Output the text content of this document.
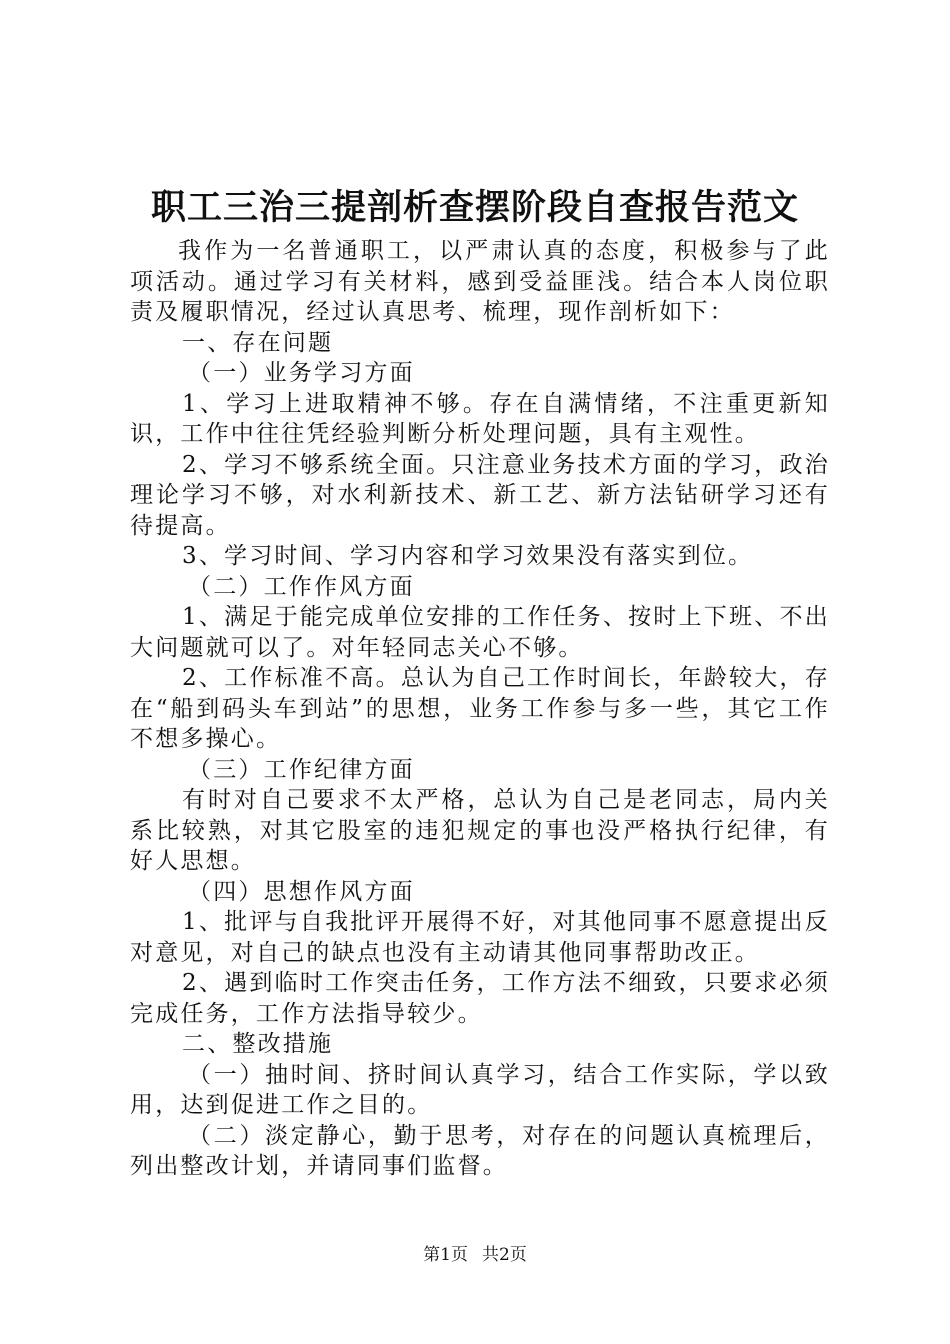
职工三治三提剖析查摆阶段自查报告范文

我作为一名普通职工，以严肃认真的态度，积极参与了此项活动。通过学习有关材料，感到受益匪浅。结合本人岗位职责及履职情况，经过认真思考、梳理，现作剖析如下：

一、存在问题

（一）业务学习方面

1、学习上进取精神不够。存在自满情绪，不注重更新知识，工作中往往凭经验判断分析处理问题，具有主观性。

2、学习不够系统全面。只注意业务技术方面的学习，政治理论学习不够，对水利新技术、新工艺、新方法钻研学习还有待提高。

3、学习时间、学习内容和学习效果没有落实到位。

（二）工作作风方面

1、满足于能完成单位安排的工作任务、按时上下班、不出大问题就可以了。对年轻同志关心不够。

2、工作标准不高。总认为自己工作时间长，年龄较大，存在“船到码头车到站”的思想，业务工作参与多一些，其它工作不想多操心。

（三）工作纪律方面

有时对自己要求不太严格，总认为自己是老同志，局内关系比较熟，对其它股室的违犯规定的事也没严格执行纪律，有好人思想。

（四）思想作风方面

1、批评与自我批评开展得不好，对其他同事不愿意提出反对意见，对自己的缺点也没有主动请其他同事帮助改正。

2、遇到临时工作突击任务，工作方法不细致，只要求必须完成任务，工作方法指导较少。

二、整改措施

（一）抽时间、挤时间认真学习，结合工作实际，学以致用，达到促进工作之目的。

（二）淡定静心，勤于思考，对存在的问题认真梳理后，列出整改计划，并请同事们监督。

第1页 共2页
